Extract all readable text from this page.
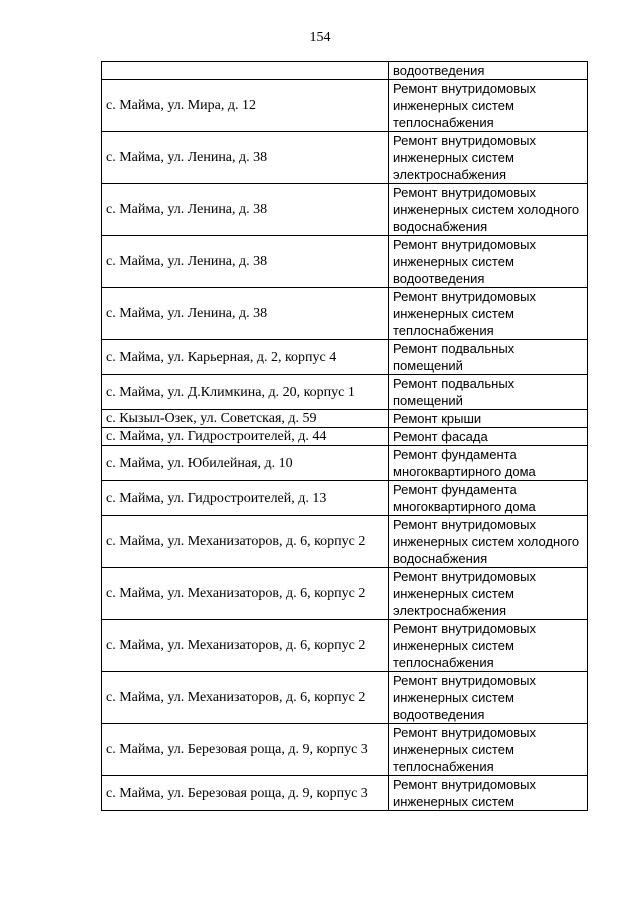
154
	водоотведения
с. Майма, ул. Мира, д. 12	Ремонт внутридомовых инженерных систем теплоснабжения
с. Майма, ул. Ленина, д. 38	Ремонт внутридомовых инженерных систем электроснабжения
с. Майма, ул. Ленина, д. 38	Ремонт внутридомовых инженерных систем холодного водоснабжения
с. Майма, ул. Ленина, д. 38	Ремонт внутридомовых инженерных систем водоотведения
с. Майма, ул. Ленина, д. 38	Ремонт внутридомовых инженерных систем теплоснабжения
с. Майма, ул. Карьерная, д. 2, корпус 4	Ремонт подвальных помещений
с. Майма, ул. Д.Климкина, д. 20, корпус 1	Ремонт подвальных помещений
с. Кызыл-Озек, ул. Советская, д. 59	Ремонт крыши
с. Майма, ул. Гидростроителей, д. 44	Ремонт фасада
с. Майма, ул. Юбилейная, д. 10	Ремонт фундамента многоквартирного дома
с. Майма, ул. Гидростроителей, д. 13	Ремонт фундамента многоквартирного дома
с. Майма, ул. Механизаторов, д. 6, корпус 2	Ремонт внутридомовых инженерных систем холодного водоснабжения
с. Майма, ул. Механизаторов, д. 6, корпус 2	Ремонт внутридомовых инженерных систем электроснабжения
с. Майма, ул. Механизаторов, д. 6, корпус 2	Ремонт внутридомовых инженерных систем теплоснабжения
с. Майма, ул. Механизаторов, д. 6, корпус 2	Ремонт внутридомовых инженерных систем водоотведения
с. Майма, ул. Березовая роща, д. 9, корпус 3	Ремонт внутридомовых инженерных систем теплоснабжения
с. Майма, ул. Березовая роща, д. 9, корпус 3	Ремонт внутридомовых инженерных систем
